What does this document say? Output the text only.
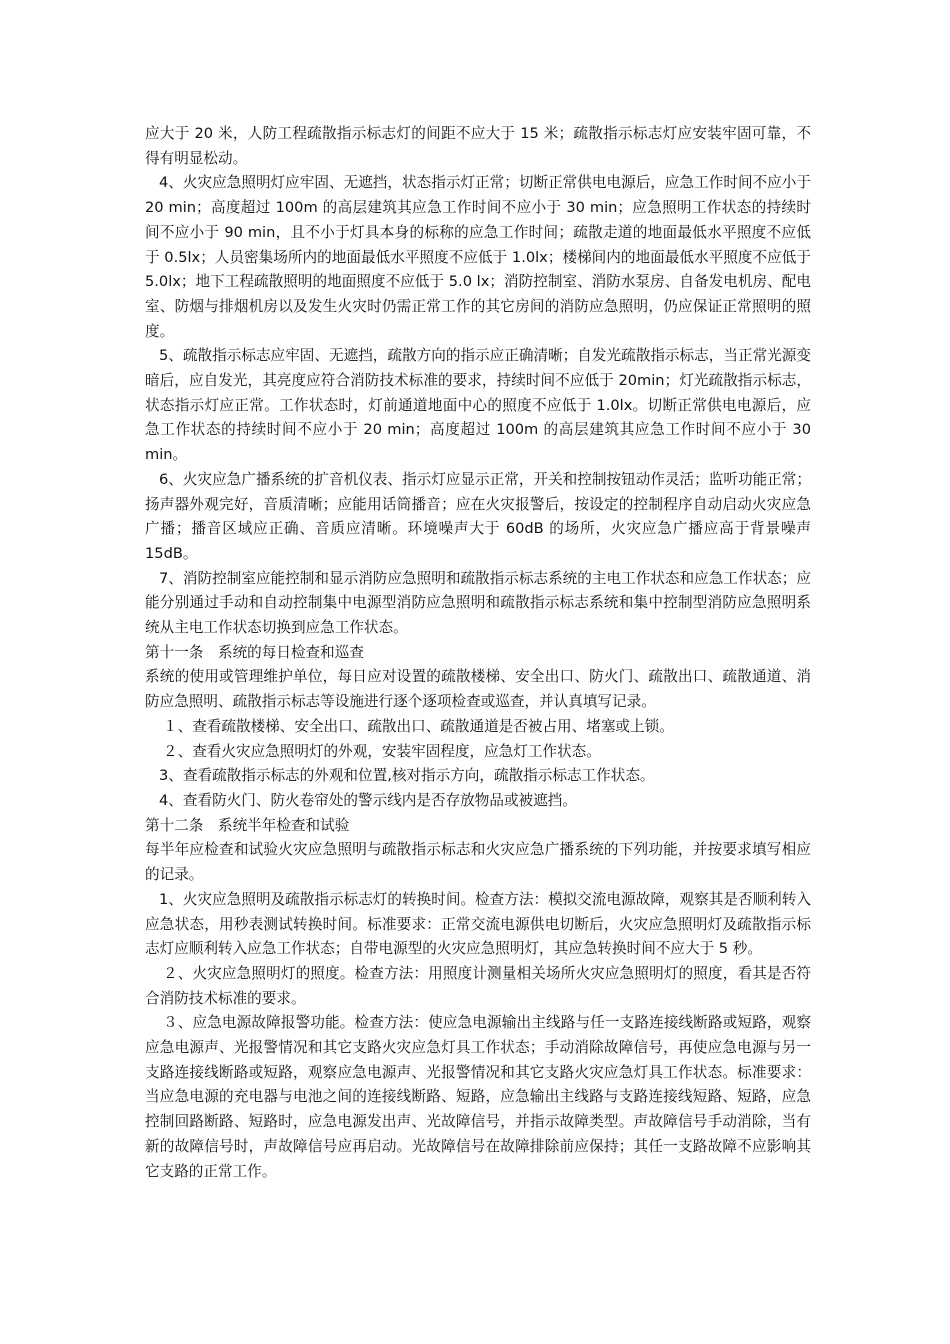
应大于 20 米，人防工程疏散指示标志灯的间距不应大于 15 米；疏散指示标志灯应安装牢固可靠，不得有明显松动。

4、火灾应急照明灯应牢固、无遮挡，状态指示灯正常；切断正常供电电源后，应急工作时间不应小于 20 min；高度超过 100m 的高层建筑其应急工作时间不应小于 30 min；应急照明工作状态的持续时间不应小于 90 min，且不小于灯具本身的标称的应急工作时间；疏散走道的地面最低水平照度不应低于 0.5lx；人员密集场所内的地面最低水平照度不应低于 1.0lx；楼梯间内的地面最低水平照度不应低于 5.0lx；地下工程疏散照明的地面照度不应低于 5.0 lx；消防控制室、消防水泵房、自备发电机房、配电室、防烟与排烟机房以及发生火灾时仍需正常工作的其它房间的消防应急照明，仍应保证正常照明的照度。

5、疏散指示标志应牢固、无遮挡，疏散方向的指示应正确清晰；自发光疏散指示标志，当正常光源变暗后，应自发光，其亮度应符合消防技术标准的要求，持续时间不应低于 20min；灯光疏散指示标志，状态指示灯应正常。工作状态时，灯前通道地面中心的照度不应低于 1.0lx。切断正常供电电源后，应急工作状态的持续时间不应小于 20 min；高度超过 100m 的高层建筑其应急工作时间不应小于 30 min。

6、火灾应急广播系统的扩音机仪表、指示灯应显示正常，开关和控制按钮动作灵活；监听功能正常；扬声器外观完好，音质清晰；应能用话筒播音；应在火灾报警后，按设定的控制程序自动启动火灾应急广播；播音区域应正确、音质应清晰。环境噪声大于 60dB 的场所，火灾应急广播应高于背景噪声 15dB。

7、消防控制室应能控制和显示消防应急照明和疏散指示标志系统的主电工作状态和应急工作状态；应能分别通过手动和自动控制集中电源型消防应急照明和疏散指示标志系统和集中控制型消防应急照明系统从主电工作状态切换到应急工作状态。

第十一条　系统的每日检查和巡查

系统的使用或管理维护单位，每日应对设置的疏散楼梯、安全出口、防火门、疏散出口、疏散通道、消防应急照明、疏散指示标志等设施进行逐个逐项检查或巡查，并认真填写记录。

１、查看疏散楼梯、安全出口、疏散出口、疏散通道是否被占用、堵塞或上锁。

２、查看火灾应急照明灯的外观，安装牢固程度，应急灯工作状态。

3、查看疏散指示标志的外观和位置,核对指示方向，疏散指示标志工作状态。

4、查看防火门、防火卷帘处的警示线内是否存放物品或被遮挡。

第十二条　系统半年检查和试验

每半年应检查和试验火灾应急照明与疏散指示标志和火灾应急广播系统的下列功能，并按要求填写相应的记录。

1、火灾应急照明及疏散指示标志灯的转换时间。检查方法：模拟交流电源故障，观察其是否顺利转入应急状态，用秒表测试转换时间。标准要求：正常交流电源供电切断后，火灾应急照明灯及疏散指示标志灯应顺利转入应急工作状态；自带电源型的火灾应急照明灯，其应急转换时间不应大于 5 秒。

２、火灾应急照明灯的照度。检查方法：用照度计测量相关场所火灾应急照明灯的照度，看其是否符合消防技术标准的要求。

３、应急电源故障报警功能。检查方法：使应急电源输出主线路与任一支路连接线断路或短路，观察应急电源声、光报警情况和其它支路火灾应急灯具工作状态；手动消除故障信号，再使应急电源与另一支路连接线断路或短路，观察应急电源声、光报警情况和其它支路火灾应急灯具工作状态。标准要求：当应急电源的充电器与电池之间的连接线断路、短路，应急输出主线路与支路连接线短路、短路，应急控制回路断路、短路时，应急电源发出声、光故障信号，并指示故障类型。声故障信号手动消除，当有新的故障信号时，声故障信号应再启动。光故障信号在故障排除前应保持；其任一支路故障不应影响其它支路的正常工作。
